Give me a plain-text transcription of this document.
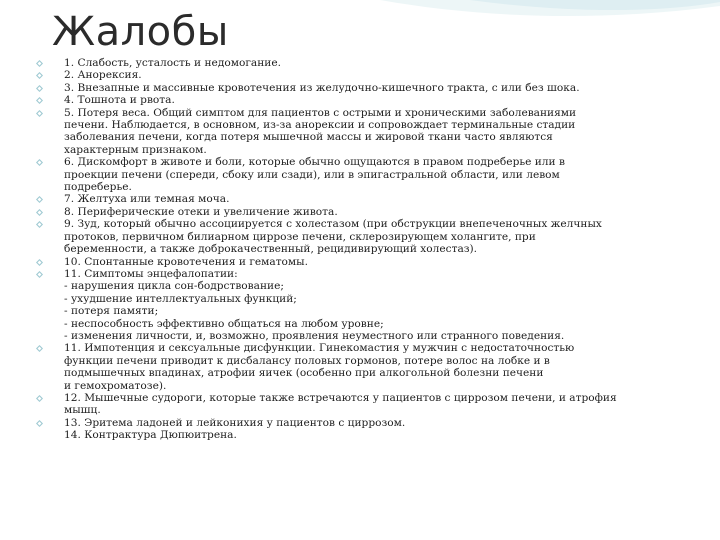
Жалобы
1. Слабость, усталость и недомогание.
2. Анорексия.
3. Внезапные и массивные кровотечения из желудочно-кишечного тракта, с или без шока.
4. Тошнота и рвота.
5. Потеря веса. Общий симптом для пациентов с острыми и хроническими заболеваниями
печени. Наблюдается, в основном, из-за анорексии и сопровождает терминальные стадии
заболевания печени, когда потеря мышечной массы и жировой ткани часто являются
характерным признаком.
6. Дискомфорт в животе и боли, которые обычно ощущаются в правом подреберье или в
проекции печени (спереди, сбоку или сзади), или в эпигастральной области, или левом
подреберье.
7. Желтуха или темная моча.
8. Периферические отеки и увеличение живота.
9. Зуд, который обычно ассоциируется с холестазом (при обструкции внепеченочных желчных
протоков, первичном билиарном циррозе печени, склерозирующем холангите, при
беременности, а также доброкачественный, рецидивирующий холестаз).
10. Спонтанные кровотечения и гематомы.
11. Симптомы энцефалопатии:
- нарушения цикла сон-бодрствование;
- ухудшение интеллектуальных функций;
- потеря памяти;
- неспособность эффективно общаться на любом уровне;
- изменения личности, и, возможно, проявления неуместного или странного поведения.
11. Импотенция и сексуальные дисфункции. Гинекомастия у мужчин с недостаточностью
функции печени приводит к дисбалансу половых гормонов, потере волос на лобке и в
подмышечных впадинах, атрофии яичек (особенно при алкогольной болезни печени
и гемохроматозе).
12. Мышечные судороги, которые также встречаются у пациентов с циррозом печени, и атрофия
мышц.
13. Эритема ладоней и лейконихия у пациентов с циррозом.
14. Контрактура Дюпюитрена.
